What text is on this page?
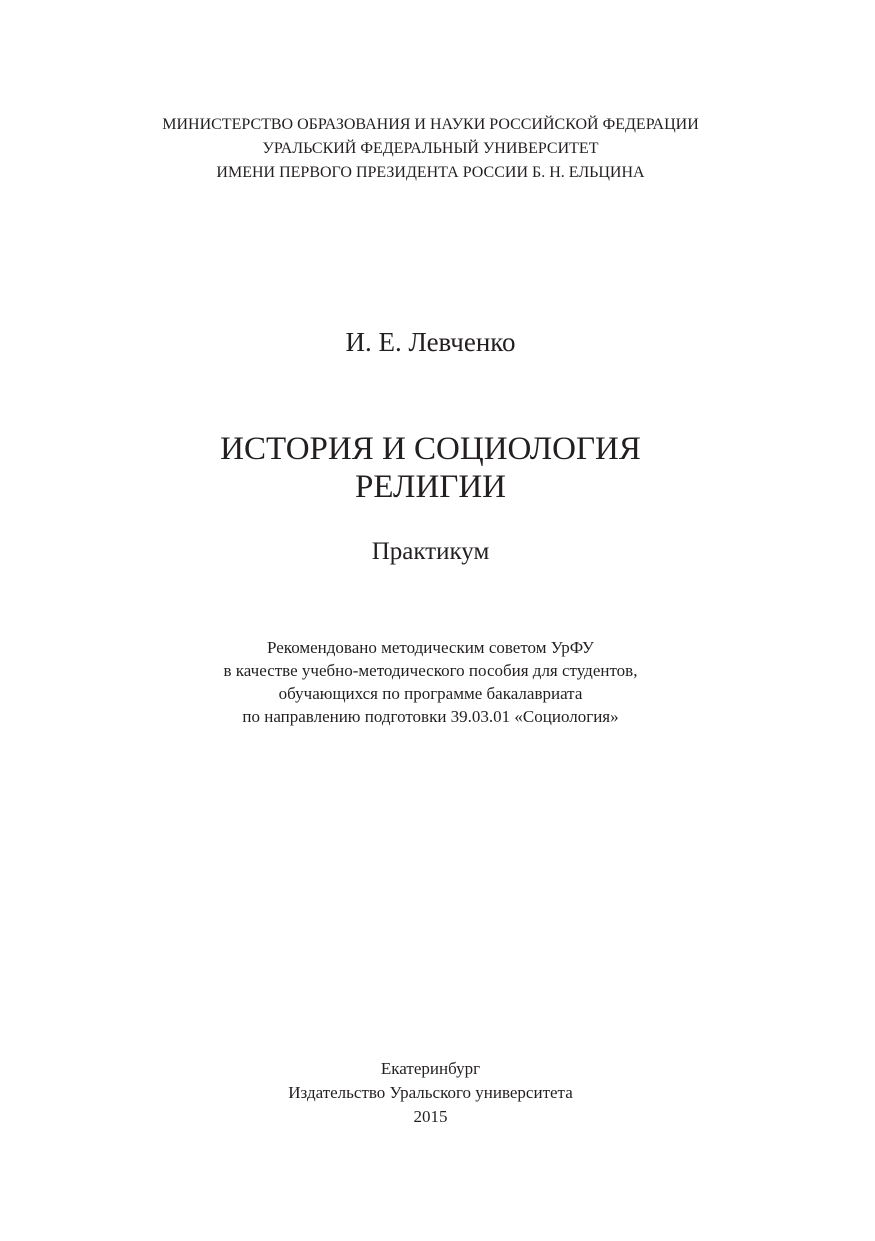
МИНИСТЕРСТВО ОБРАЗОВАНИЯ И НАУКИ РОССИЙСКОЙ ФЕДЕРАЦИИ
УРАЛЬСКИЙ ФЕДЕРАЛЬНЫЙ УНИВЕРСИТЕТ
ИМЕНИ ПЕРВОГО ПРЕЗИДЕНТА РОССИИ Б. Н. ЕЛЬЦИНА
И. Е. Левченко
ИСТОРИЯ И СОЦИОЛОГИЯ
РЕЛИГИИ
Практикум
Рекомендовано методическим советом УрФУ
в качестве учебно-методического пособия для студентов,
обучающихся по программе бакалавриата
по направлению подготовки 39.03.01 «Социология»
Екатеринбург
Издательство Уральского университета
2015
